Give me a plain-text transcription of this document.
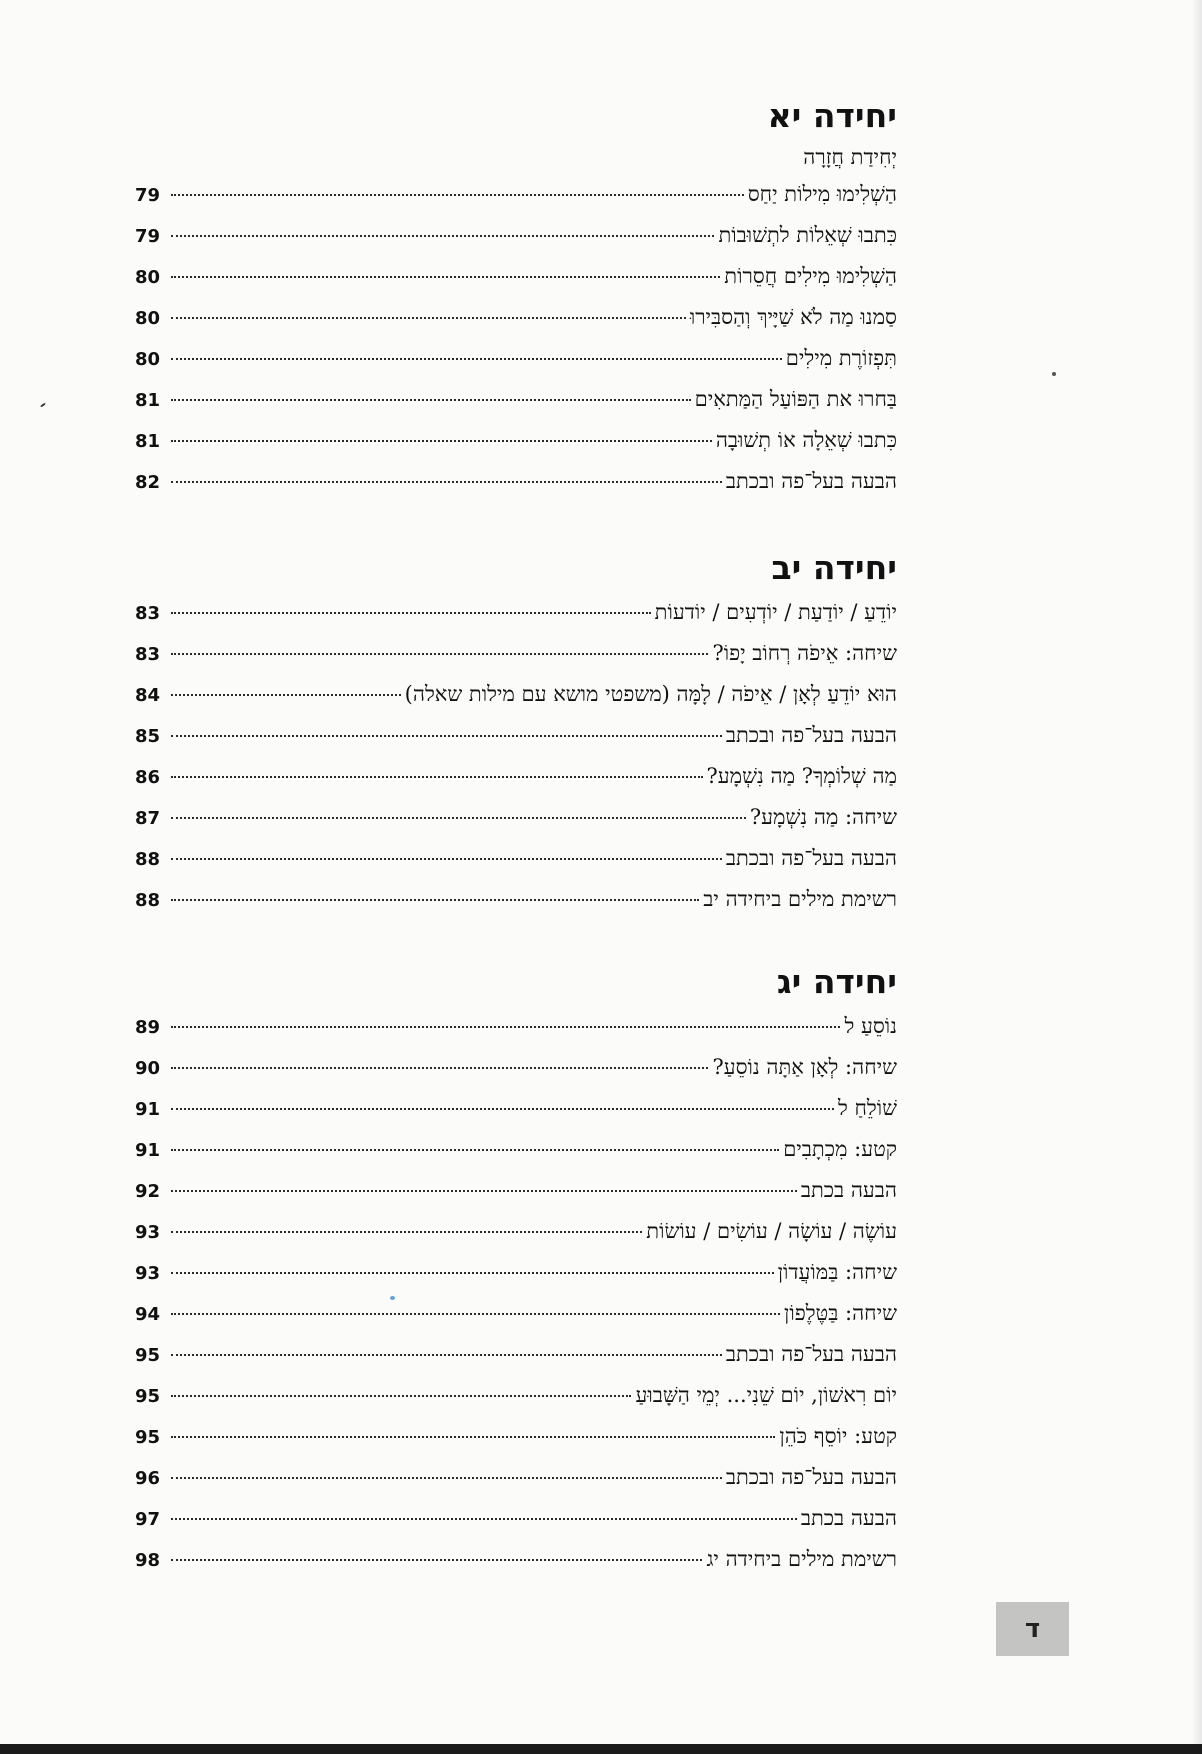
יחידה יא
יְחִידַת חֲזָרָה
הַשְׁלִימוּ מִילוֹת יַחַס
79
כִּתבוּ שְׁאֵלוֹת לתְשׁוּבוֹת
79
הַשְׁלִימוּ מִילִים חֲסֵרוֹת
80
סַמנוּ מַה לֹא שַׁיָּיךְ וְהַסבִּירוּ
80
תִּפְזוֹרֶת מִילִים
80
בַּחרוּ את הַפּוֹעַל הַמַּתאִים
81
כִּתבוּ שְׁאֵלָה אוֹ תְשׁוּבָה
81
הבעה בעל־פה ובכתב
82
יחידה יב
יוֹדֵעַ / יוֹדַעַת / יוֹדְעִים / יוֹדעוֹת
83
שיחה: אֵיפֹה רְחוֹב יָפוֹ?
83
הוּא יוֹדֵעַ לְאָן / אֵיפֹה / לָמָּה (משפטי מושא עם מילות שאלה)
84
הבעה בעל־פה ובכתב
85
מַה שְׁלוֹמְךָ? מַה נִשְׁמָע?
86
שיחה: מַה נִשְׁמָע?
87
הבעה בעל־פה ובכתב
88
רשימת מילים ביחידה יב
88
יחידה יג
נוֹסֵעַ ל
89
שיחה: לְאָן אַתָּה נוֹסֵעַ?
90
שׁוֹלֵחַ ל
91
קטע: מִכְתָבִים
91
הבעה בכתב
92
עוֹשֶׂה / עוֹשָׂה / עוֹשִׂים / עוֹשׂוֹת
93
שיחה: בַּמּוֹעֲדוֹן
93
שיחה: בַּטֶּלֶפוֹן
94
הבעה בעל־פה ובכתב
95
יוֹם רִאשׁוֹן, יוֹם שֵׁנִי... יְמֵי הַשָּׁבוּעַ
95
קטע: יוֹסֵף כֹּהֵן
95
הבעה בעל־פה ובכתב
96
הבעה בכתב
97
רשימת מילים ביחידה יג
98
ד
